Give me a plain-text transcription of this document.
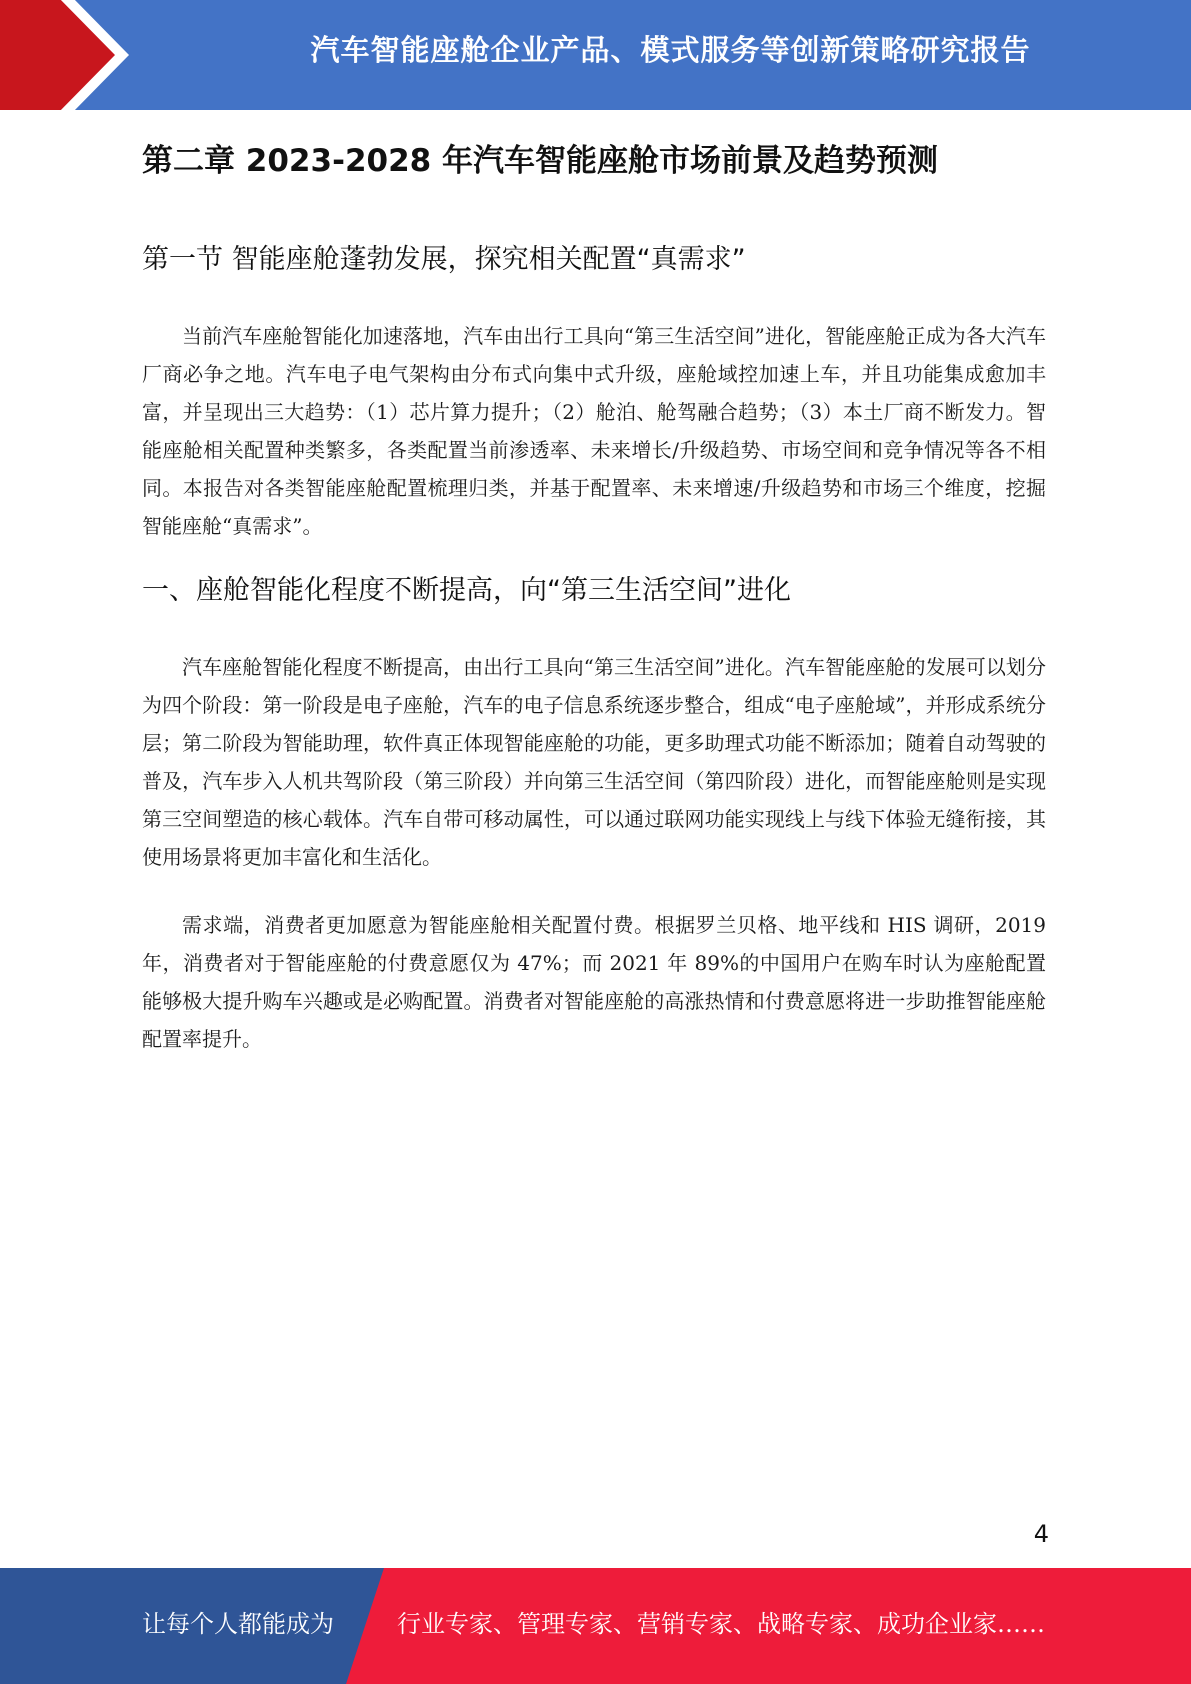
汽车智能座舱企业产品、模式服务等创新策略研究报告
第二章 2023-2028 年汽车智能座舱市场前景及趋势预测
第一节 智能座舱蓬勃发展，探究相关配置“真需求”

当前汽车座舱智能化加速落地，汽车由出行工具向“第三生活空间”进化，智能座舱正成为各大汽车厂商必争之地。汽车电子电气架构由分布式向集中式升级，座舱域控加速上车，并且功能集成愈加丰富，并呈现出三大趋势：（1）芯片算力提升；（2）舱泊、舱驾融合趋势；（3）本土厂商不断发力。智能座舱相关配置种类繁多，各类配置当前渗透率、未来增长/升级趋势、市场空间和竞争情况等各不相同。本报告对各类智能座舱配置梳理归类，并基于配置率、未来增速/升级趋势和市场三个维度，挖掘智能座舱“真需求”。

一、座舱智能化程度不断提高，向“第三生活空间”进化

汽车座舱智能化程度不断提高，由出行工具向“第三生活空间”进化。汽车智能座舱的发展可以划分为四个阶段：第一阶段是电子座舱，汽车的电子信息系统逐步整合，组成“电子座舱域”，并形成系统分层；第二阶段为智能助理，软件真正体现智能座舱的功能，更多助理式功能不断添加；随着自动驾驶的普及，汽车步入人机共驾阶段（第三阶段）并向第三生活空间（第四阶段）进化，而智能座舱则是实现第三空间塑造的核心载体。汽车自带可移动属性，可以通过联网功能实现线上与线下体验无缝衔接，其使用场景将更加丰富化和生活化。

需求端，消费者更加愿意为智能座舱相关配置付费。根据罗兰贝格、地平线和 HIS 调研，2019 年，消费者对于智能座舱的付费意愿仅为 47%；而 2021 年 89%的中国用户在购车时认为座舱配置能够极大提升购车兴趣或是必购配置。消费者对智能座舱的高涨热情和付费意愿将进一步助推智能座舱配置率提升。

4
让每个人都能成为	行业专家、管理专家、营销专家、战略专家、成功企业家……
